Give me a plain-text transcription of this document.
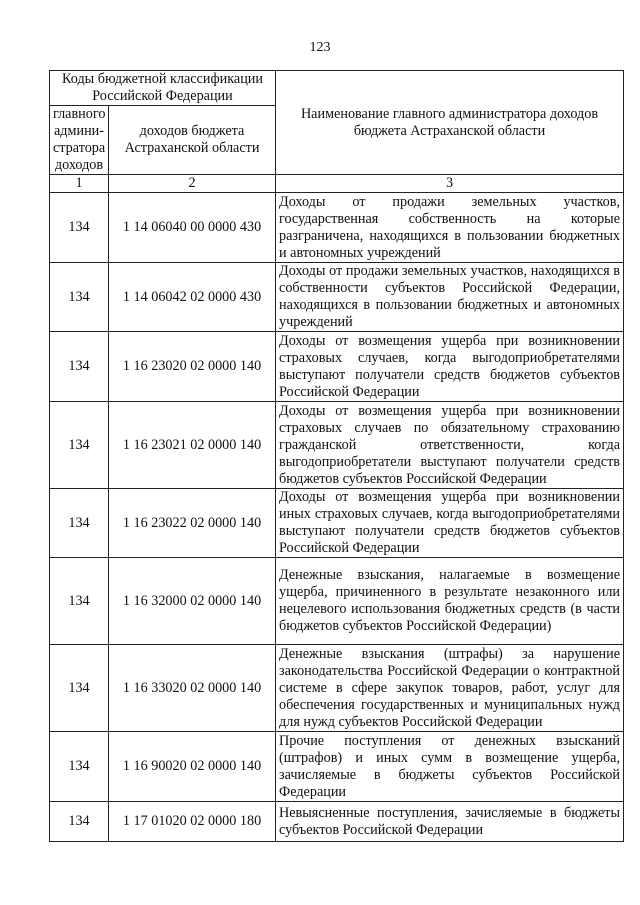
123
Коды бюджетной классификации Российской Федерации		Наименование главного администратора доходов бюджета Астраханской области
главного админи-стратора доходов	доходов бюджета Астраханской области	
1	2	3
134	1 14 06040 00 0000 430	Доходы от продажи земельных участков, государственная собственность на которые разграничена, находящихся в пользовании бюджетных и автономных учреждений
134	1 14 06042 02 0000 430	Доходы от продажи земельных участков, находящихся в собственности субъектов Российской Федерации, находящихся в пользовании бюджетных и автономных учреждений
134	1 16 23020 02 0000 140	Доходы от возмещения ущерба при возникновении страховых случаев, когда выгодоприобретателями выступают получатели средств бюджетов субъектов Российской Федерации
134	1 16 23021 02 0000 140	Доходы от возмещения ущерба при возникновении страховых случаев по обязательному страхованию гражданской ответственности, когда выгодоприобретатели выступают получатели средств бюджетов субъектов Российской Федерации
134	1 16 23022 02 0000 140	Доходы от возмещения ущерба при возникновении иных страховых случаев, когда выгодоприобретателями выступают получатели средств бюджетов субъектов Российской Федерации
134	1 16 32000 02 0000 140	Денежные взыскания, налагаемые в возмещение ущерба, причиненного в результате незаконного или нецелевого использования бюджетных средств (в части бюджетов субъектов Российской Федерации)
134	1 16 33020 02 0000 140	Денежные взыскания (штрафы) за нарушение законодательства Российской Федерации о контрактной системе в сфере закупок товаров, работ, услуг для обеспечения государственных и муниципальных нужд для нужд субъектов Российской Федерации
134	1 16 90020 02 0000 140	Прочие поступления от денежных взысканий (штрафов) и иных сумм в возмещение ущерба, зачисляемые в бюджеты субъектов Российской Федерации
134	1 17 01020 02 0000 180	Невыясненные поступления, зачисляемые в бюджеты субъектов Российской Федерации
